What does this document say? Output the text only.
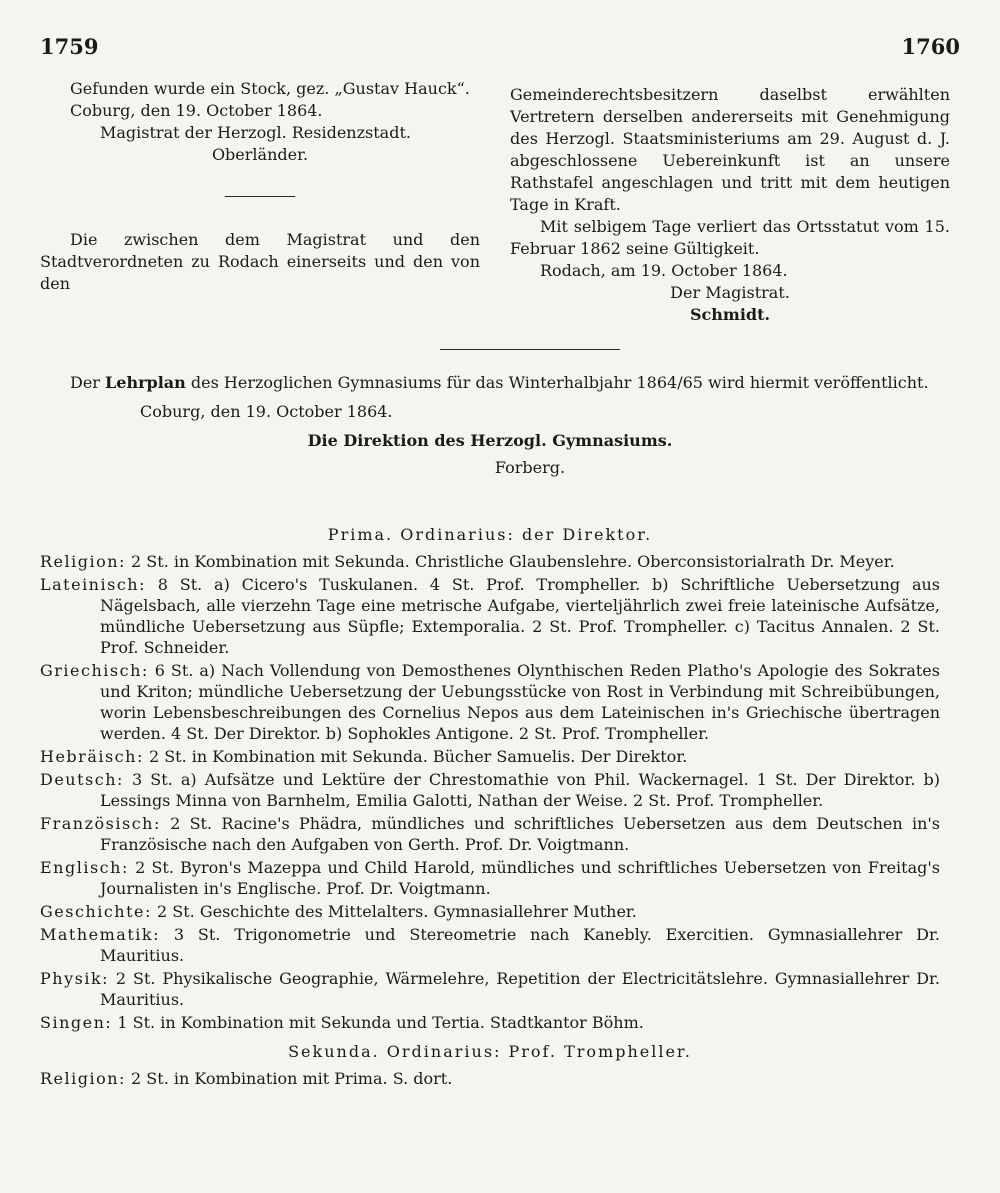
1759	1760

Gefunden wurde ein Stock, gez. „Gustav Hauck“.

Coburg, den 19. October 1864.

Magistrat der Herzogl. Residenzstadt.

Oberländer.

Die zwischen dem Magistrat und den Stadtverordneten zu Rodach einerseits und den von den

Gemeinderechtsbesitzern daselbst erwählten Vertretern derselben andererseits mit Genehmigung des Herzogl. Staatsministeriums am 29. August d. J. abgeschlossene Uebereinkunft ist an unsere Rathstafel angeschlagen und tritt mit dem heutigen Tage in Kraft.

Mit selbigem Tage verliert das Ortsstatut vom 15. Februar 1862 seine Gültigkeit.

Rodach, am 19. October 1864.

Der Magistrat.

Schmidt.

Der Lehrplan des Herzoglichen Gymnasiums für das Winterhalbjahr 1864/65 wird hiermit veröffentlicht.

Coburg, den 19. October 1864.

Die Direktion des Herzogl. Gymnasiums.

Forberg.

Prima. Ordinarius: der Direktor.

Religion: 2 St. in Kombination mit Sekunda. Christliche Glaubenslehre. Oberconsistorialrath Dr. Meyer.

Lateinisch: 8 St. a) Cicero's Tuskulanen. 4 St. Prof. Trompheller. b) Schriftliche Uebersetzung aus Nägelsbach, alle vierzehn Tage eine metrische Aufgabe, vierteljährlich zwei freie lateinische Aufsätze, mündliche Uebersetzung aus Süpfle; Extemporalia. 2 St. Prof. Trompheller. c) Tacitus Annalen. 2 St. Prof. Schneider.

Griechisch: 6 St. a) Nach Vollendung von Demosthenes Olynthischen Reden Platho's Apologie des Sokrates und Kriton; mündliche Uebersetzung der Uebungsstücke von Rost in Verbindung mit Schreibübungen, worin Lebensbeschreibungen des Cornelius Nepos aus dem Lateinischen in's Griechische übertragen werden. 4 St. Der Direktor. b) Sophokles Antigone. 2 St. Prof. Trompheller.

Hebräisch: 2 St. in Kombination mit Sekunda. Bücher Samuelis. Der Direktor.

Deutsch: 3 St. a) Aufsätze und Lektüre der Chrestomathie von Phil. Wackernagel. 1 St. Der Direktor. b) Lessings Minna von Barnhelm, Emilia Galotti, Nathan der Weise. 2 St. Prof. Trompheller.

Französisch: 2 St. Racine's Phädra, mündliches und schriftliches Uebersetzen aus dem Deutschen in's Französische nach den Aufgaben von Gerth. Prof. Dr. Voigtmann.

Englisch: 2 St. Byron's Mazeppa und Child Harold, mündliches und schriftliches Uebersetzen von Freitag's Journalisten in's Englische. Prof. Dr. Voigtmann.

Geschichte: 2 St. Geschichte des Mittelalters. Gymnasiallehrer Muther.

Mathematik: 3 St. Trigonometrie und Stereometrie nach Kanebly. Exercitien. Gymnasiallehrer Dr. Mauritius.

Physik: 2 St. Physikalische Geographie, Wärmelehre, Repetition der Electricitätslehre. Gymnasiallehrer Dr. Mauritius.

Singen: 1 St. in Kombination mit Sekunda und Tertia. Stadtkantor Böhm.

Sekunda. Ordinarius: Prof. Trompheller.

Religion: 2 St. in Kombination mit Prima. S. dort.
